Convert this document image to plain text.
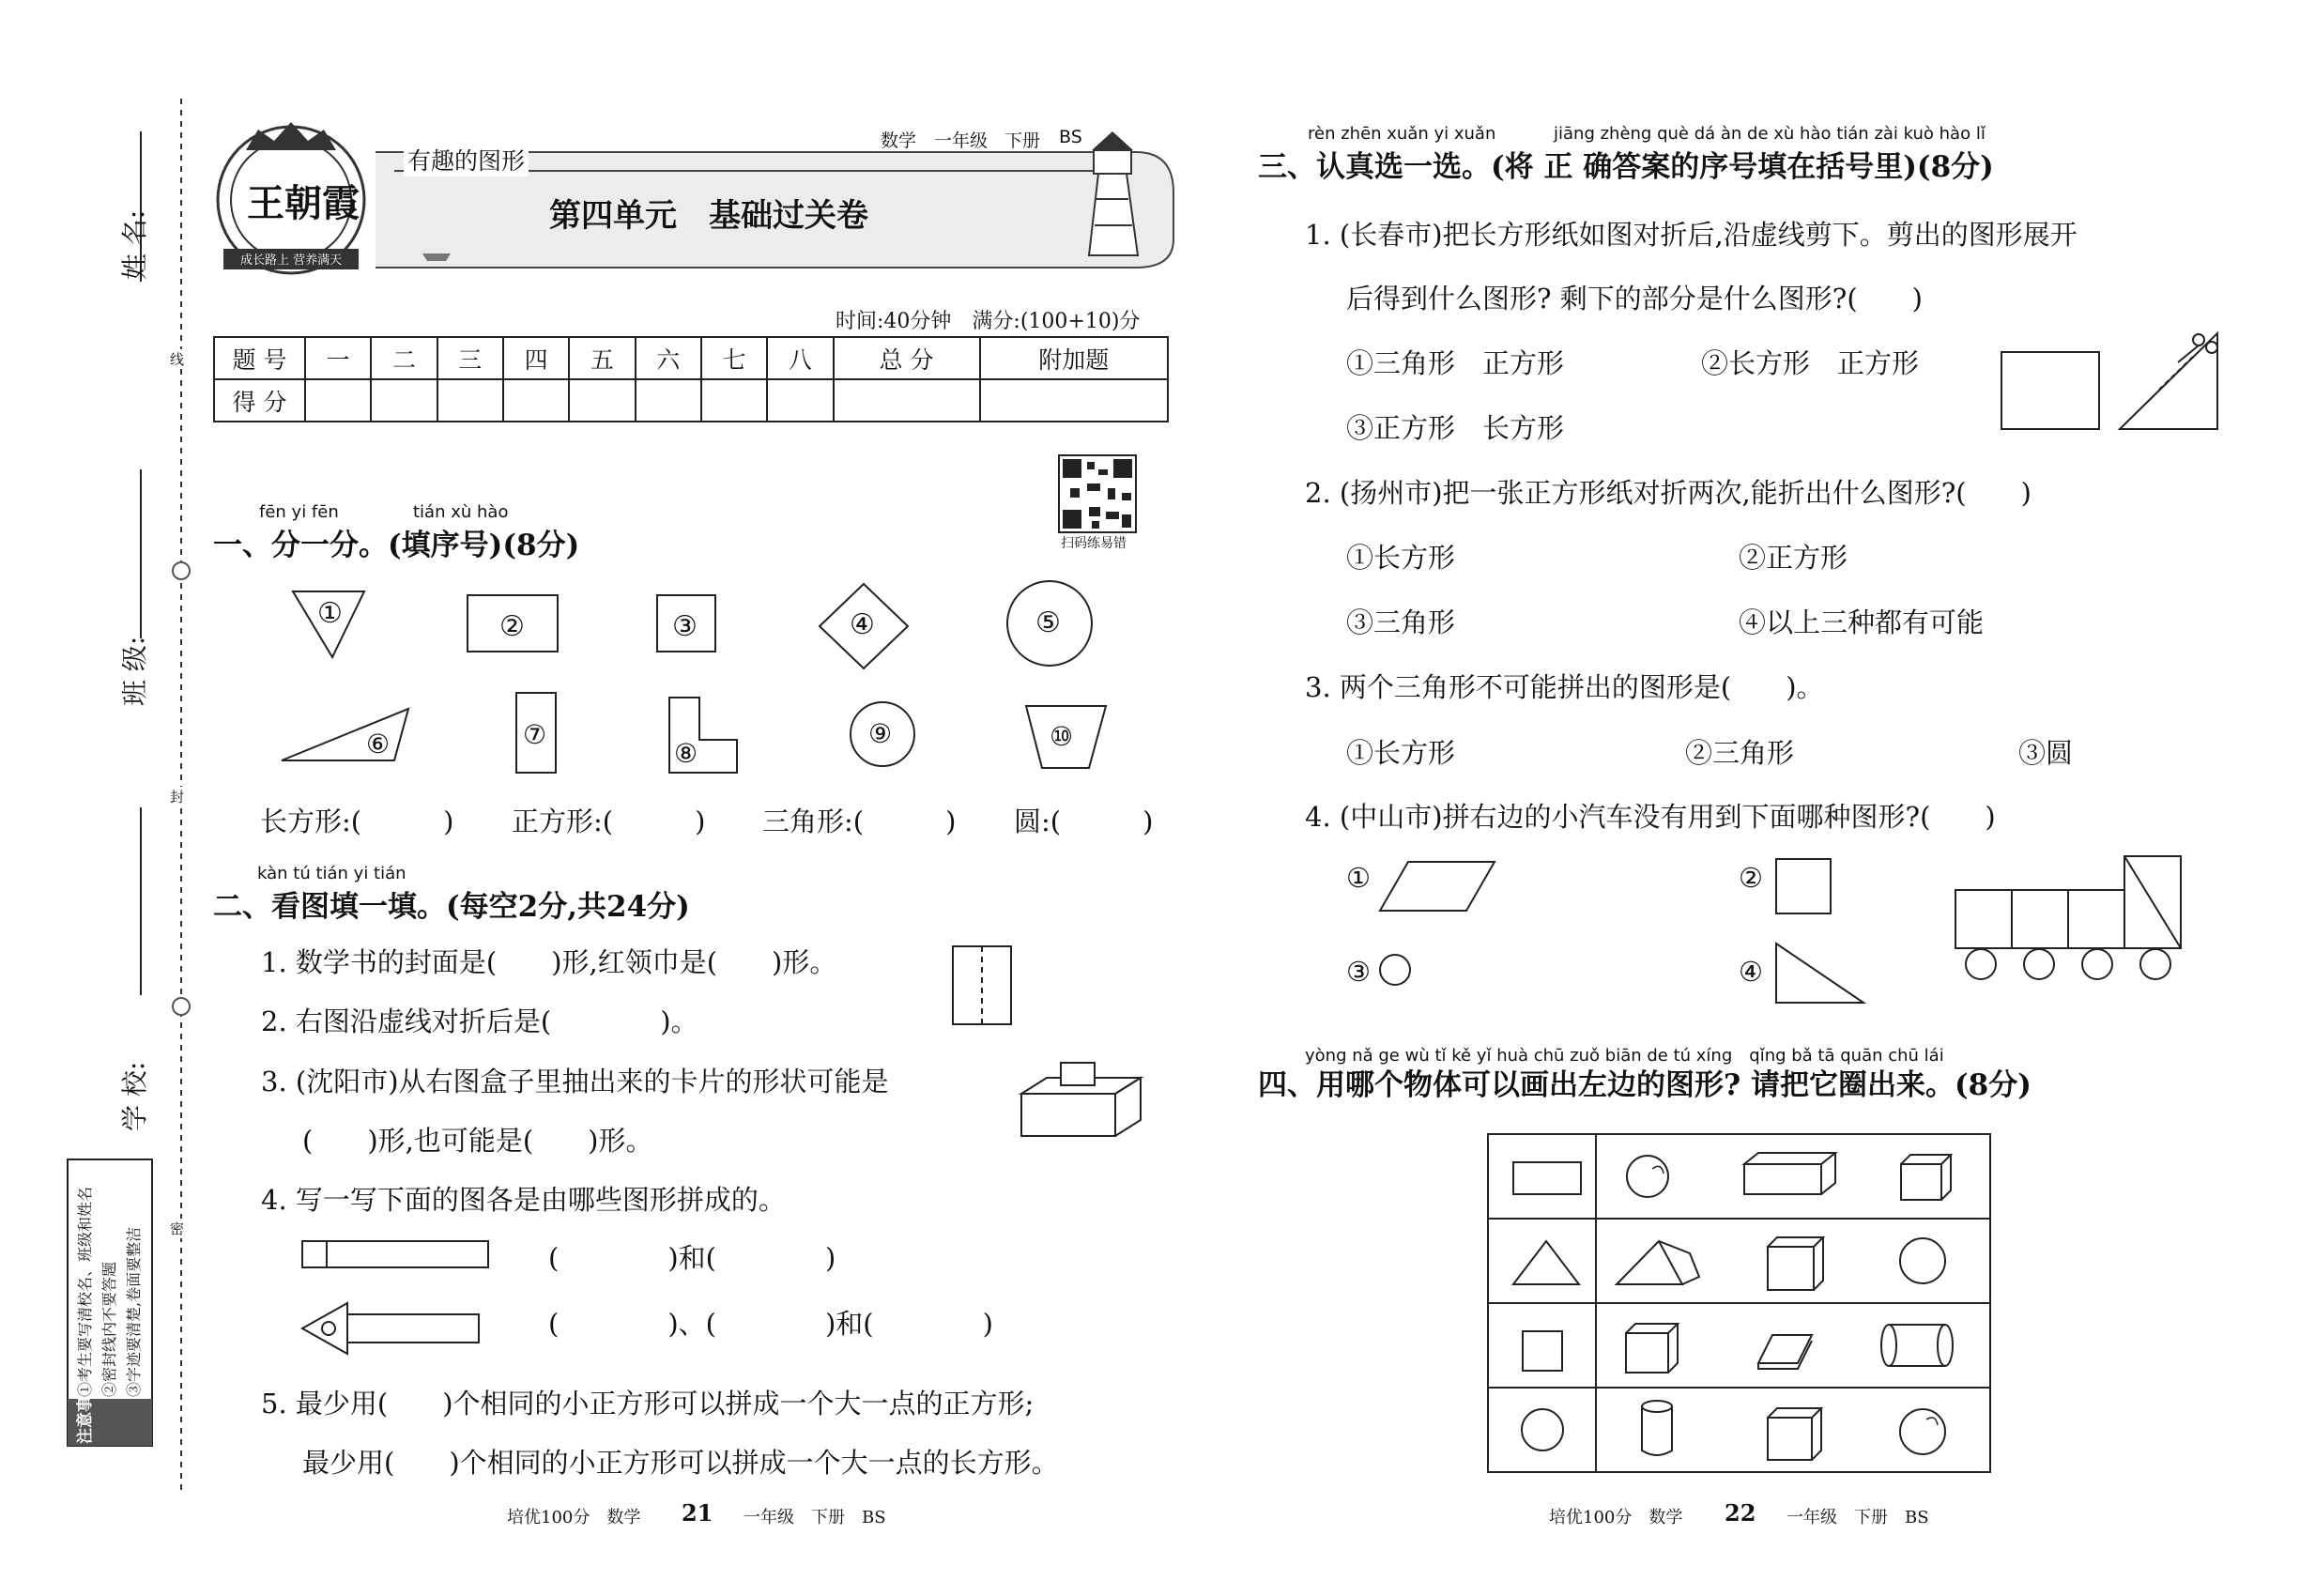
姓 名:
班 级:
学 校:
线
封
密
注意事项
①考生要写清校名、班级和姓名 ②密封线内不要答题 ③字迹要清楚,卷面要整洁
王朝霞
成长路上 营养满天
有趣的图形
数学 一年级 下册 BS
第四单元　基础过关卷
时间:40分钟　满分:(100+10)分
题 号	一	二	三	四	五	六	七	八	总 分	附加题
得 分										
扫码练易错
fēn yi fēn	tián xù hào
一、分一分。(填序号)(8分)
①	②	③	④	⑤
⑥	⑦
⑧
⑨	⑩
长方形:(　　　) 正方形:(　　　) 三角形:(　　　) 圆:(　　　)
kàn tú tián yi tián
二、看图填一填。(每空2分,共24分)
1. 数学书的封面是(　　)形,红领巾是(　　)形。
2. 右图沿虚线对折后是(　　　　)。
3. (沈阳市)从右图盒子里抽出来的卡片的形状可能是
(　　)形,也可能是(　　)形。
4. 写一写下面的图各是由哪些图形拼成的。
(　　　　)和(　　　　)
(　　　　)、(　　　　)和(　　　　)
5. 最少用(　　)个相同的小正方形可以拼成一个大一点的正方形;
最少用(　　)个相同的小正方形可以拼成一个大一点的长方形。
rèn zhēn xuǎn yi xuǎn	jiāng zhèng què dá àn de xù hào tián zài kuò hào lǐ
三、认真选一选。(将 正 确答案的序号填在括号里)(8分)
1. (长春市)把长方形纸如图对折后,沿虚线剪下。剪出的图形展开
后得到什么图形? 剩下的部分是什么图形?(　　)
①三角形　正方形	②长方形　正方形
③正方形　长方形
2. (扬州市)把一张正方形纸对折两次,能折出什么图形?(　　)
①长方形	②正方形
③三角形	④以上三种都有可能
3. 两个三角形不可能拼出的图形是(　　)。
①长方形	②三角形	③圆
4. (中山市)拼右边的小汽车没有用到下面哪种图形?(　　)
①	②
③	④
yòng nǎ ge wù tǐ kě yǐ huà chū zuǒ biān de tú xíng　qǐng bǎ tā quān chū lái
四、用哪个物体可以画出左边的图形? 请把它圈出来。(8分)
培优100分　数学 21 一年级　下册　BS	培优100分　数学 22 一年级　下册　BS
